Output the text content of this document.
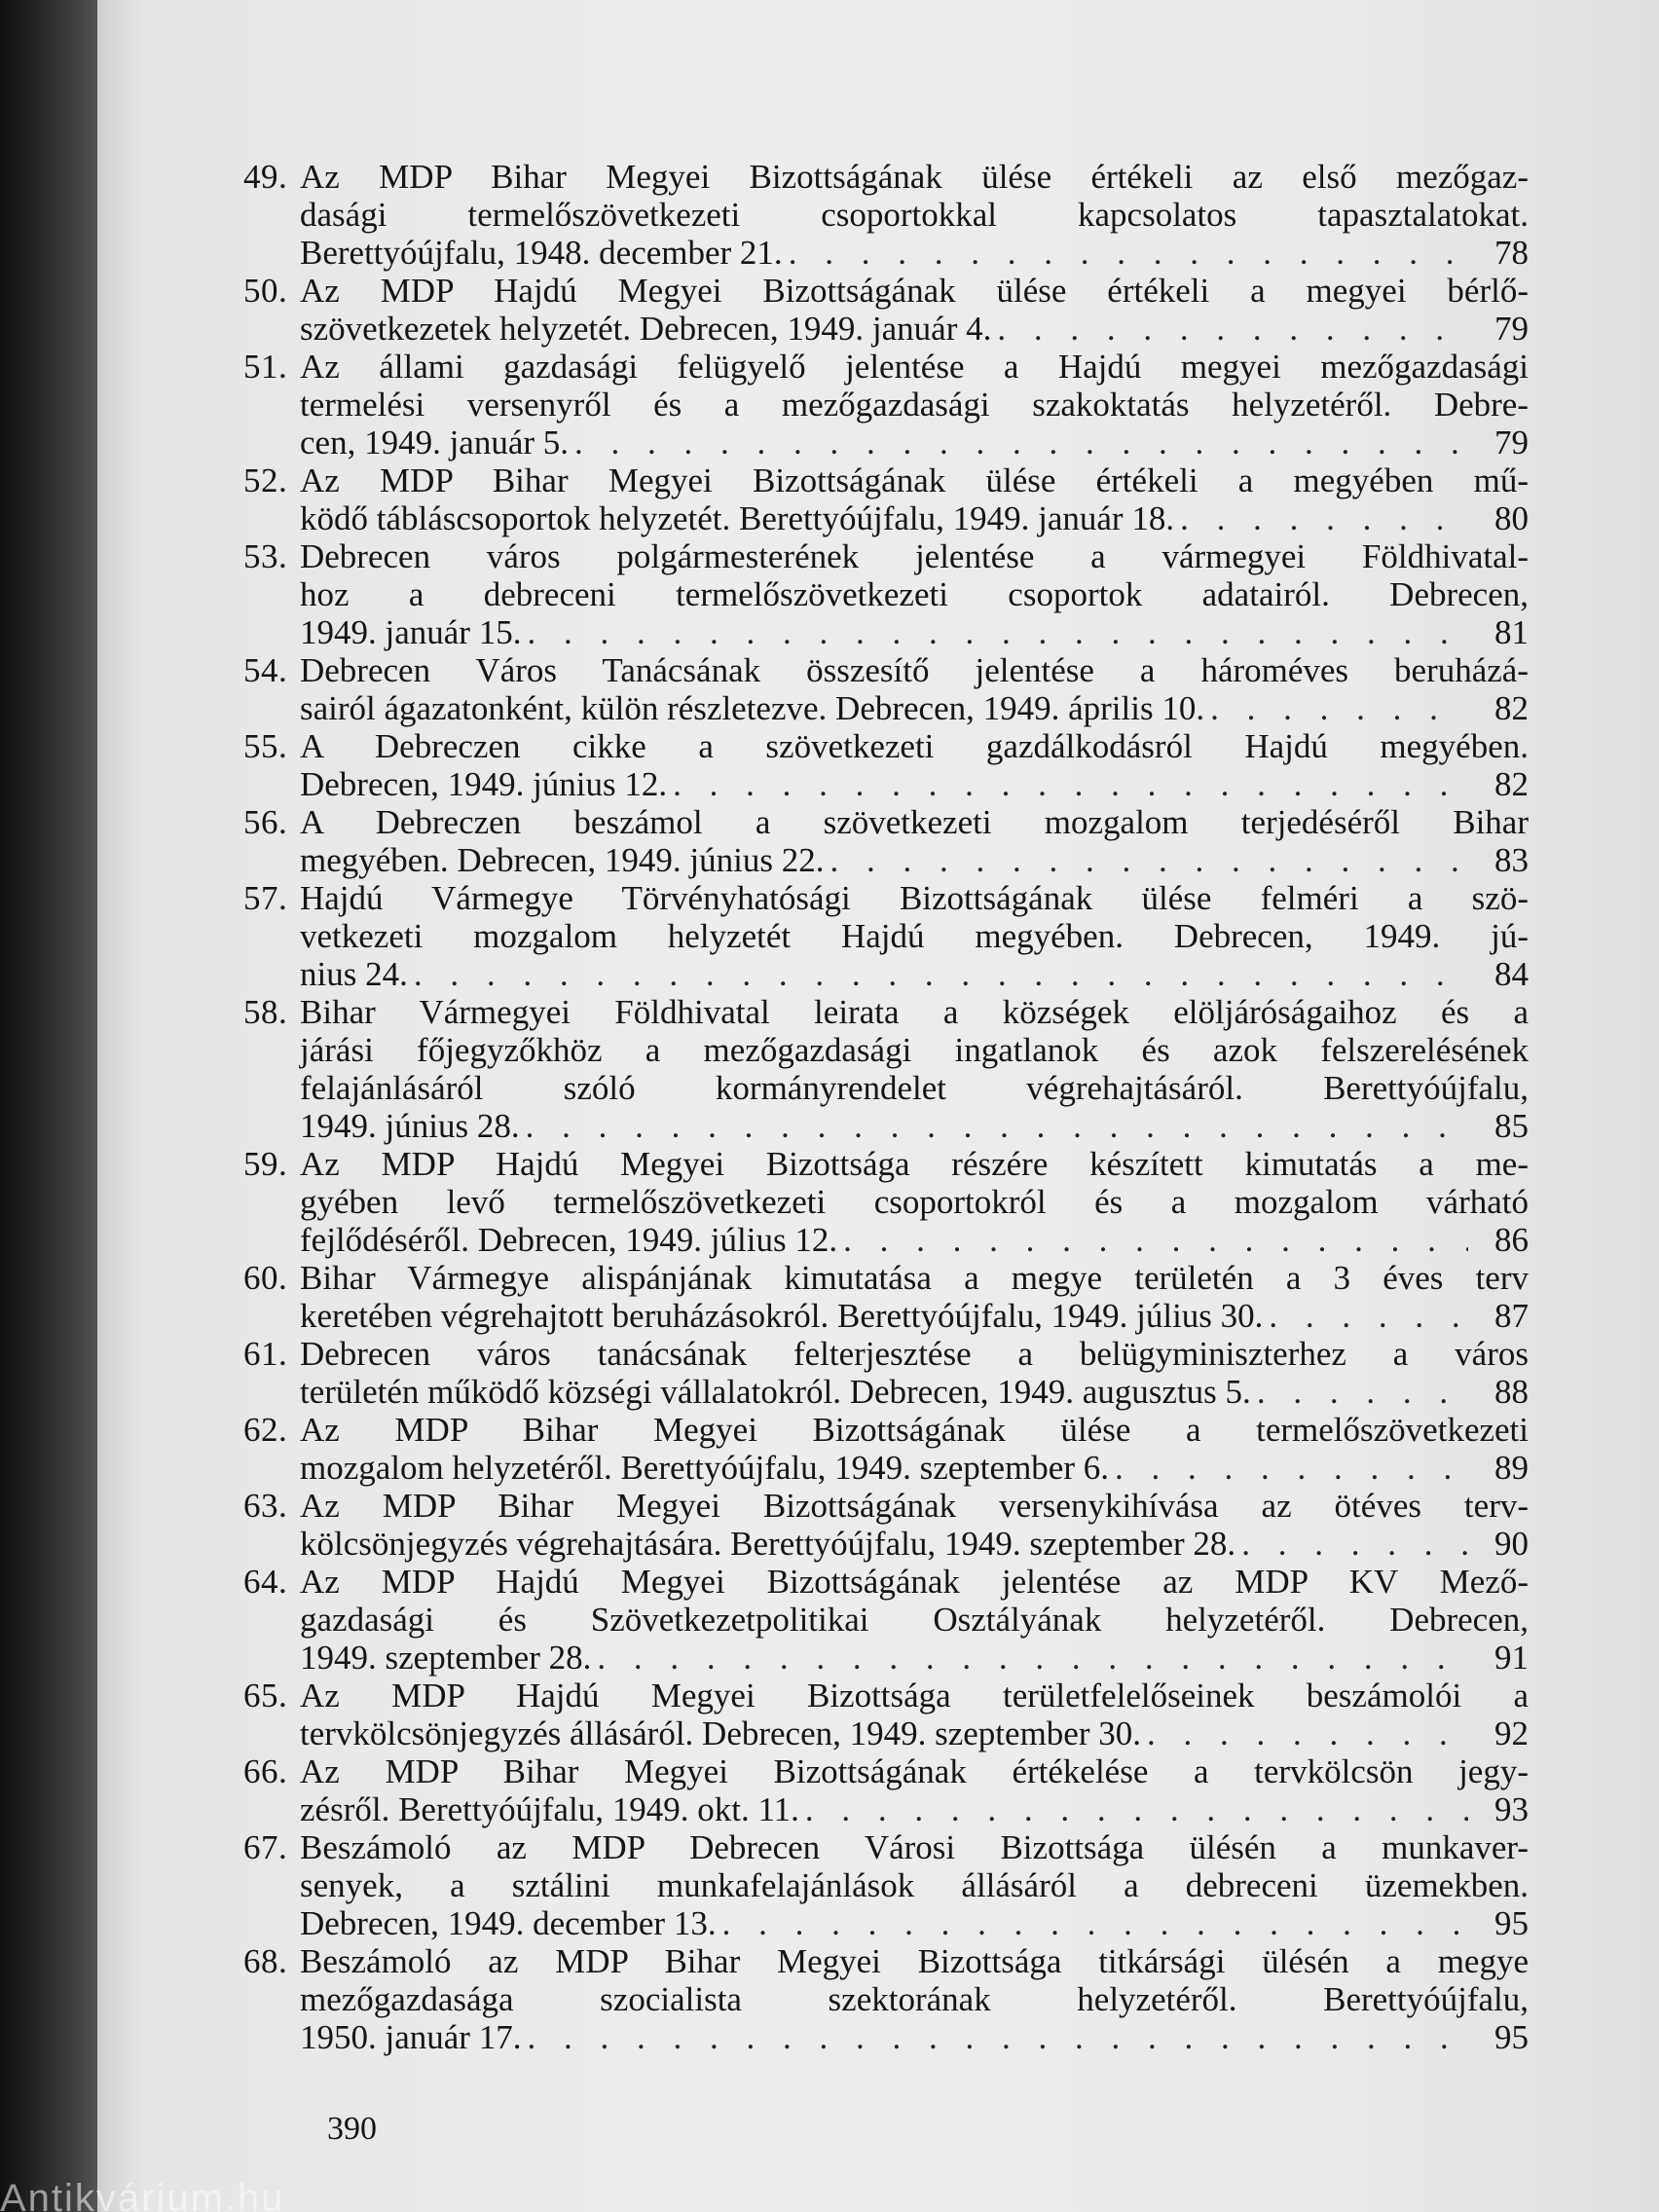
49. Az MDP Bihar Megyei Bizottságának ülése értékeli az első mezőgaz-
dasági termelőszövetkezeti csoportokkal kapcsolatos tapasztalatokat.
Berettyóújfalu, 1948. december 21. . . .	78
50. Az MDP Hajdú Megyei Bizottságának ülése értékeli a megyei bérlő-
szövetkezetek helyzetét. Debrecen, 1949. január 4. . . .	79
51. Az állami gazdasági felügyelő jelentése a Hajdú megyei mezőgazdasági
termelési versenyről és a mezőgazdasági szakoktatás helyzetéről. Debre-
cen, 1949. január 5. . . .	79
52. Az MDP Bihar Megyei Bizottságának ülése értékeli a megyében mű-
ködő tábláscsoportok helyzetét. Berettyóújfalu, 1949. január 18. . . .	80
53. Debrecen város polgármesterének jelentése a vármegyei Földhivatal-
hoz a debreceni termelőszövetkezeti csoportok adatairól. Debrecen,
1949. január 15. . . .	81
54. Debrecen Város Tanácsának összesítő jelentése a hároméves beruházá-
sairól ágazatonként, külön részletezve. Debrecen, 1949. április 10. . . .	82
55. A Debreczen cikke a szövetkezeti gazdálkodásról Hajdú megyében.
Debrecen, 1949. június 12. . . .	82
56. A Debreczen beszámol a szövetkezeti mozgalom terjedéséről Bihar
megyében. Debrecen, 1949. június 22. . . .	83
57. Hajdú Vármegye Törvényhatósági Bizottságának ülése felméri a szö-
vetkezeti mozgalom helyzetét Hajdú megyében. Debrecen, 1949. jú-
nius 24. . . .	84
58. Bihar Vármegyei Földhivatal leirata a községek elöljáróságaihoz és a
járási főjegyzőkhöz a mezőgazdasági ingatlanok és azok felszerelésének
felajánlásáról szóló kormányrendelet végrehajtásáról. Berettyóújfalu,
1949. június 28. . . .	85
59. Az MDP Hajdú Megyei Bizottsága részére készített kimutatás a me-
gyében levő termelőszövetkezeti csoportokról és a mozgalom várható
fejlődéséről. Debrecen, 1949. július 12. . . .	86
60. Bihar Vármegye alispánjának kimutatása a megye területén a 3 éves terv
keretében végrehajtott beruházásokról. Berettyóújfalu, 1949. július 30. . . .	87
61. Debrecen város tanácsának felterjesztése a belügyminiszterhez a város
területén működő községi vállalatokról. Debrecen, 1949. augusztus 5. . . .	88
62. Az MDP Bihar Megyei Bizottságának ülése a termelőszövetkezeti
mozgalom helyzetéről. Berettyóújfalu, 1949. szeptember 6. . . .	89
63. Az MDP Bihar Megyei Bizottságának versenykihívása az ötéves terv-
kölcsönjegyzés végrehajtására. Berettyóújfalu, 1949. szeptember 28. . . .	90
64. Az MDP Hajdú Megyei Bizottságának jelentése az MDP KV Mező-
gazdasági és Szövetkezetpolitikai Osztályának helyzetéről. Debrecen,
1949. szeptember 28. . . .	91
65. Az MDP Hajdú Megyei Bizottsága területfelelőseinek beszámolói a
tervkölcsönjegyzés állásáról. Debrecen, 1949. szeptember 30. . . .	92
66. Az MDP Bihar Megyei Bizottságának értékelése a tervkölcsön jegy-
zésről. Berettyóújfalu, 1949. okt. 11. . . .	93
67. Beszámoló az MDP Debrecen Városi Bizottsága ülésén a munkaver-
senyek, a sztálini munkafelajánlások állásáról a debreceni üzemekben.
Debrecen, 1949. december 13. . . .	95
68. Beszámoló az MDP Bihar Megyei Bizottsága titkársági ülésén a megye
mezőgazdasága szocialista szektorának helyzetéről. Berettyóújfalu,
1950. január 17. . . .	95
390
Antikvárium.hu
